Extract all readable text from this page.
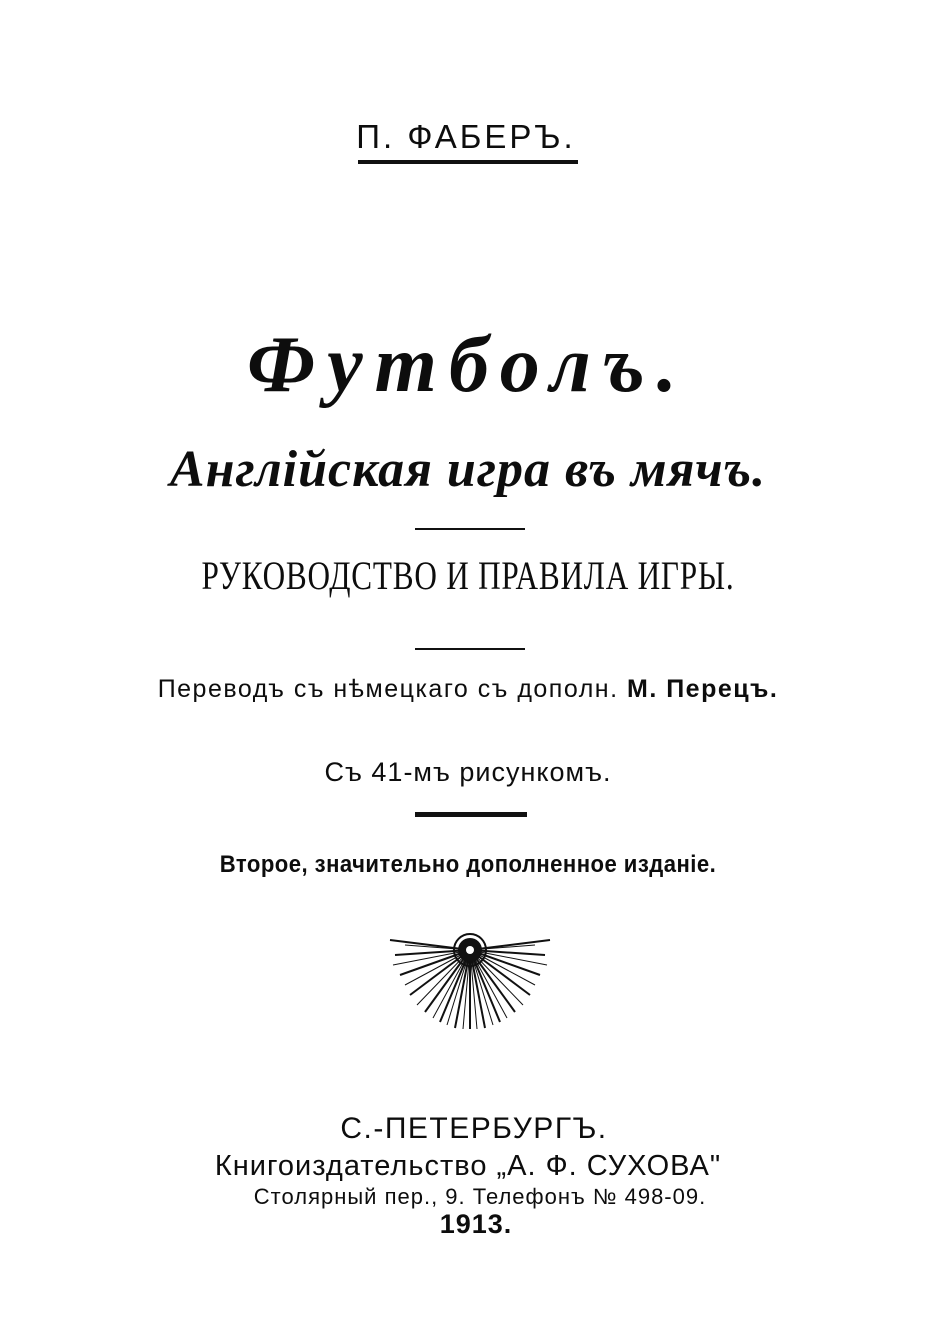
П. ФАБЕРЪ.
Футболъ.
Англійская игра въ мячъ.
РУКОВОДСТВО И ПРАВИЛА ИГРЫ.
Переводъ съ нѣмецкаго съ дополн. М. Перецъ.
Съ 41-мъ рисункомъ.
Второе, значительно дополненное изданіе.
С.-ПЕТЕРБУРГЪ.
Книгоиздательство „А. Ф. СУХОВА"
Столярный пер., 9. Телефонъ № 498-09.
1913.
